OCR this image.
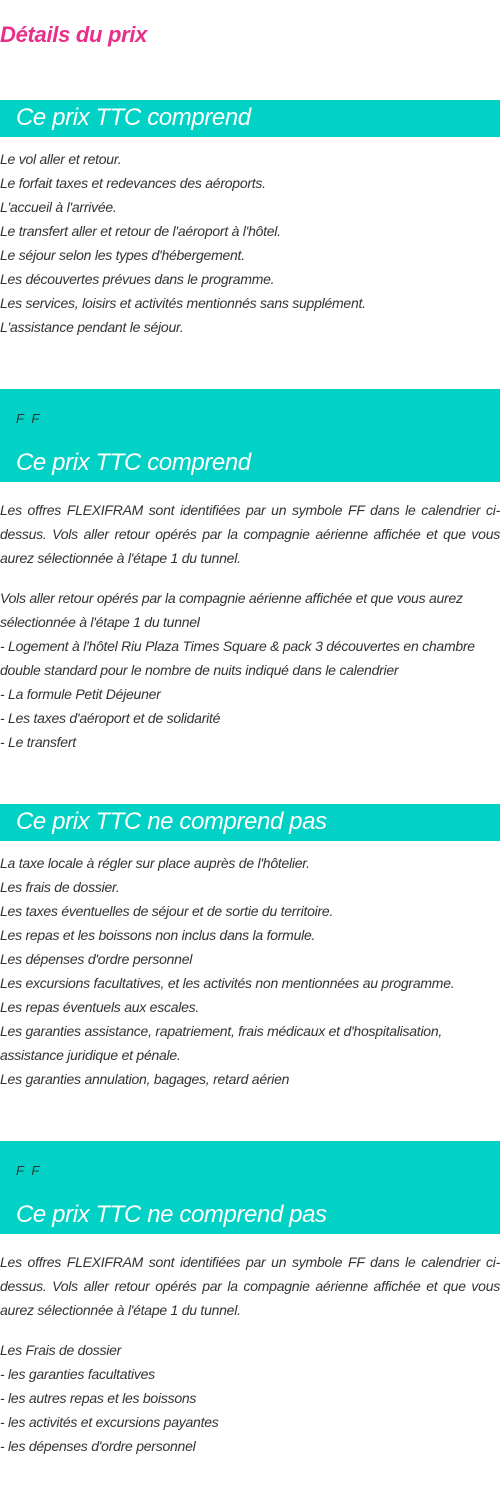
Détails du prix
Ce prix TTC comprend
Le vol aller et retour.
Le forfait taxes et redevances des aéroports.
L'accueil à l'arrivée.
Le transfert aller et retour de l'aéroport à l'hôtel.
Le séjour selon les types d'hébergement.
Les découvertes prévues dans le programme.
Les services, loisirs et activités mentionnés sans supplément.
L'assistance pendant le séjour.
F F
Ce prix TTC comprend

Les offres FLEXIFRAM sont identifiées par un symbole FF dans le calendrier ci-dessus. Vols aller retour opérés par la compagnie aérienne affichée et que vous aurez sélectionnée à l'étape 1 du tunnel.

Vols aller retour opérés par la compagnie aérienne affichée et que vous aurez sélectionnée à l'étape 1 du tunnel
- Logement à l'hôtel Riu Plaza Times Square & pack 3 découvertes en chambre double standard pour le nombre de nuits indiqué dans le calendrier
- La formule Petit Déjeuner
- Les taxes d'aéroport et de solidarité
- Le transfert
Ce prix TTC ne comprend pas
La taxe locale à régler sur place auprès de l'hôtelier.
Les frais de dossier.
Les taxes éventuelles de séjour et de sortie du territoire.
Les repas et les boissons non inclus dans la formule.
Les dépenses d'ordre personnel
Les excursions facultatives, et les activités non mentionnées au programme.
Les repas éventuels aux escales.
Les garanties assistance, rapatriement, frais médicaux et d'hospitalisation, assistance juridique et pénale.
Les garanties annulation, bagages, retard aérien
F F
Ce prix TTC ne comprend pas

Les offres FLEXIFRAM sont identifiées par un symbole FF dans le calendrier ci-dessus. Vols aller retour opérés par la compagnie aérienne affichée et que vous aurez sélectionnée à l'étape 1 du tunnel.

Les Frais de dossier
- les garanties facultatives
- les autres repas et les boissons
- les activités et excursions payantes
- les dépenses d'ordre personnel
